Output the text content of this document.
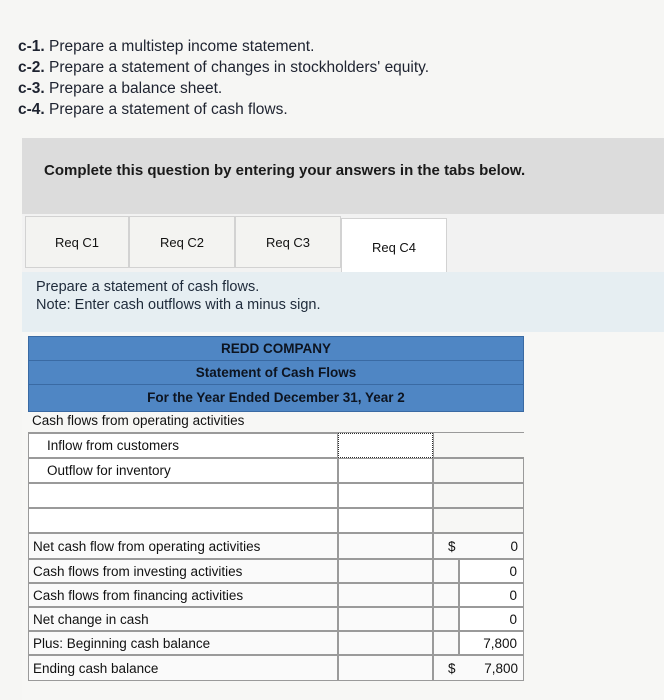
c-1. Prepare a multistep income statement.
c-2. Prepare a statement of changes in stockholders' equity.
c-3. Prepare a balance sheet.
c-4. Prepare a statement of cash flows.
Complete this question by entering your answers in the tabs below.
Req C1	Req C2	Req C3	Req C4
Prepare a statement of cash flows.
Note: Enter cash outflows with a minus sign.
REDD COMPANY
Statement of Cash Flows
For the Year Ended December 31, Year 2
Cash flows from operating activities
Inflow from customers
Outflow for inventory
Net cash flow from operating activities	$	0
Cash flows from investing activities	0
Cash flows from financing activities	0
Net change in cash	0
Plus: Beginning cash balance	7,800
Ending cash balance	$	7,800
